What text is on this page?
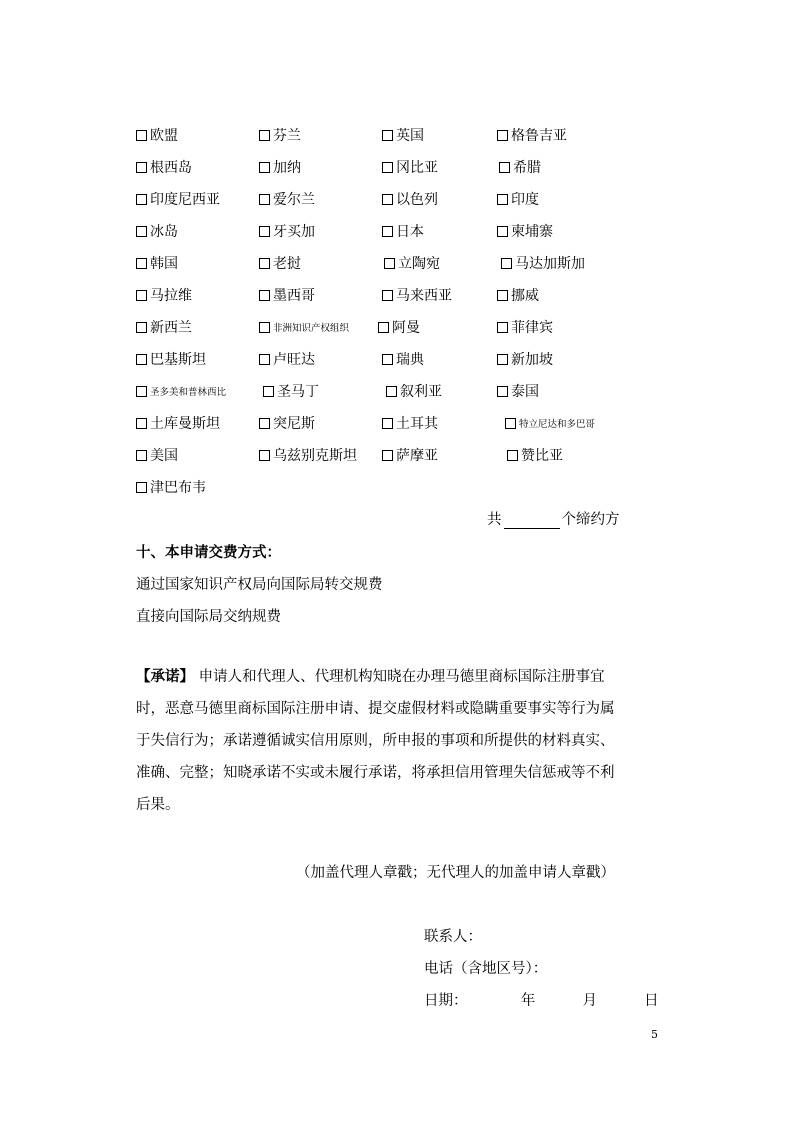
欧盟	芬兰	英国	格鲁吉亚
根西岛	加纳	冈比亚	希腊
印度尼西亚	爱尔兰	以色列	印度
冰岛	牙买加	日本	柬埔寨
韩国	老挝	立陶宛	马达加斯加
马拉维	墨西哥	马来西亚	挪威
新西兰	非洲知识产权组织	阿曼	菲律宾
巴基斯坦	卢旺达	瑞典	新加坡
圣多美和普林西比	圣马丁	叙利亚	泰国
土库曼斯坦	突尼斯	土耳其	特立尼达和多巴哥
美国	乌兹别克斯坦	萨摩亚	赞比亚
津巴布韦
共	个缔约方
十、本申请交费方式：
通过国家知识产权局向国际局转交规费
直接向国际局交纳规费
【承诺】 申请人和代理人、代理机构知晓在办理马德里商标国际注册事宜
时，恶意马德里商标国际注册申请、提交虚假材料或隐瞒重要事实等行为属
于失信行为；承诺遵循诚实信用原则，所申报的事项和所提供的材料真实、
准确、完整；知晓承诺不实或未履行承诺，将承担信用管理失信惩戒等不利
后果。
（加盖代理人章戳；无代理人的加盖申请人章戳）
联系人：
电话（含地区号）：
日期：	年	月	日
5
